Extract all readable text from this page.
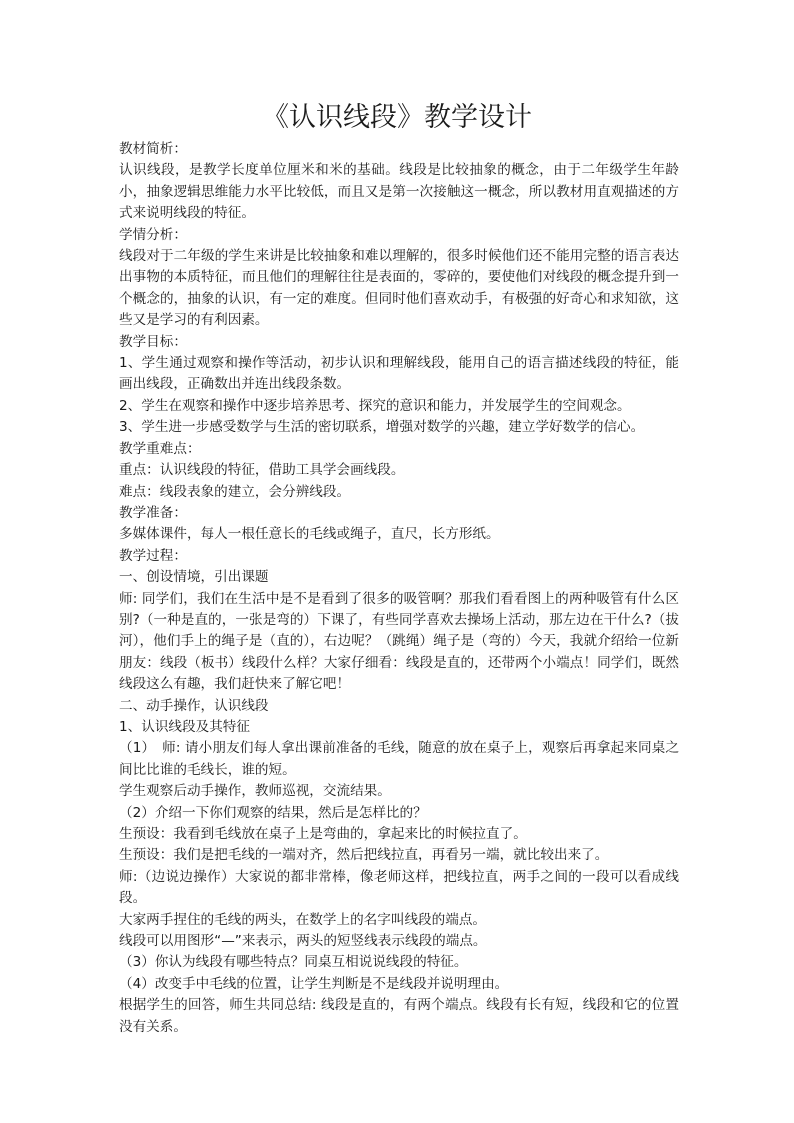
《认识线段》教学设计

教材简析：

认识线段，是教学长度单位厘米和米的基础。线段是比较抽象的概念，由于二年级学生年龄小，抽象逻辑思维能力水平比较低，而且又是第一次接触这一概念，所以教材用直观描述的方式来说明线段的特征。

学情分析：

线段对于二年级的学生来讲是比较抽象和难以理解的，很多时候他们还不能用完整的语言表达出事物的本质特征，而且他们的理解往往是表面的，零碎的，要使他们对线段的概念提升到一个概念的，抽象的认识，有一定的难度。但同时他们喜欢动手，有极强的好奇心和求知欲，这些又是学习的有利因素。

教学目标：

1、学生通过观察和操作等活动，初步认识和理解线段，能用自己的语言描述线段的特征，能画出线段，正确数出并连出线段条数。

2、学生在观察和操作中逐步培养思考、探究的意识和能力，并发展学生的空间观念。

3、学生进一步感受数学与生活的密切联系，增强对数学的兴趣，建立学好数学的信心。

教学重难点：

重点：认识线段的特征，借助工具学会画线段。

难点：线段表象的建立，会分辨线段。

教学准备：

多媒体课件，每人一根任意长的毛线或绳子，直尺，长方形纸。

教学过程：

一、创设情境，引出课题

师: 同学们，我们在生活中是不是看到了很多的吸管啊？那我们看看图上的两种吸管有什么区别?（一种是直的，一张是弯的）下课了，有些同学喜欢去操场上活动，那左边在干什么?（拔河），他们手上的绳子是（直的），右边呢？（跳绳）绳子是（弯的）今天，我就介绍给一位新朋友：线段（板书）线段什么样？大家仔细看：线段是直的，还带两个小端点！同学们，既然线段这么有趣，我们赶快来了解它吧！

二、动手操作，认识线段

1、认识线段及其特征

（1）　师: 请小朋友们每人拿出课前准备的毛线，随意的放在桌子上，观察后再拿起来同桌之间比比谁的毛线长，谁的短。

学生观察后动手操作，教师巡视，交流结果。

（2）介绍一下你们观察的结果，然后是怎样比的？

生预设：我看到毛线放在桌子上是弯曲的，拿起来比的时候拉直了。

生预设：我们是把毛线的一端对齐，然后把线拉直，再看另一端，就比较出来了。

师:（边说边操作）大家说的都非常棒，像老师这样，把线拉直，两手之间的一段可以看成线段。

大家两手捏住的毛线的两头，在数学上的名字叫线段的端点。

线段可以用图形“—”来表示，两头的短竖线表示线段的端点。

（3）你认为线段有哪些特点？同桌互相说说线段的特征。

（4）改变手中毛线的位置，让学生判断是不是线段并说明理由。

根据学生的回答，师生共同总结: 线段是直的，有两个端点。线段有长有短，线段和它的位置没有关系。
